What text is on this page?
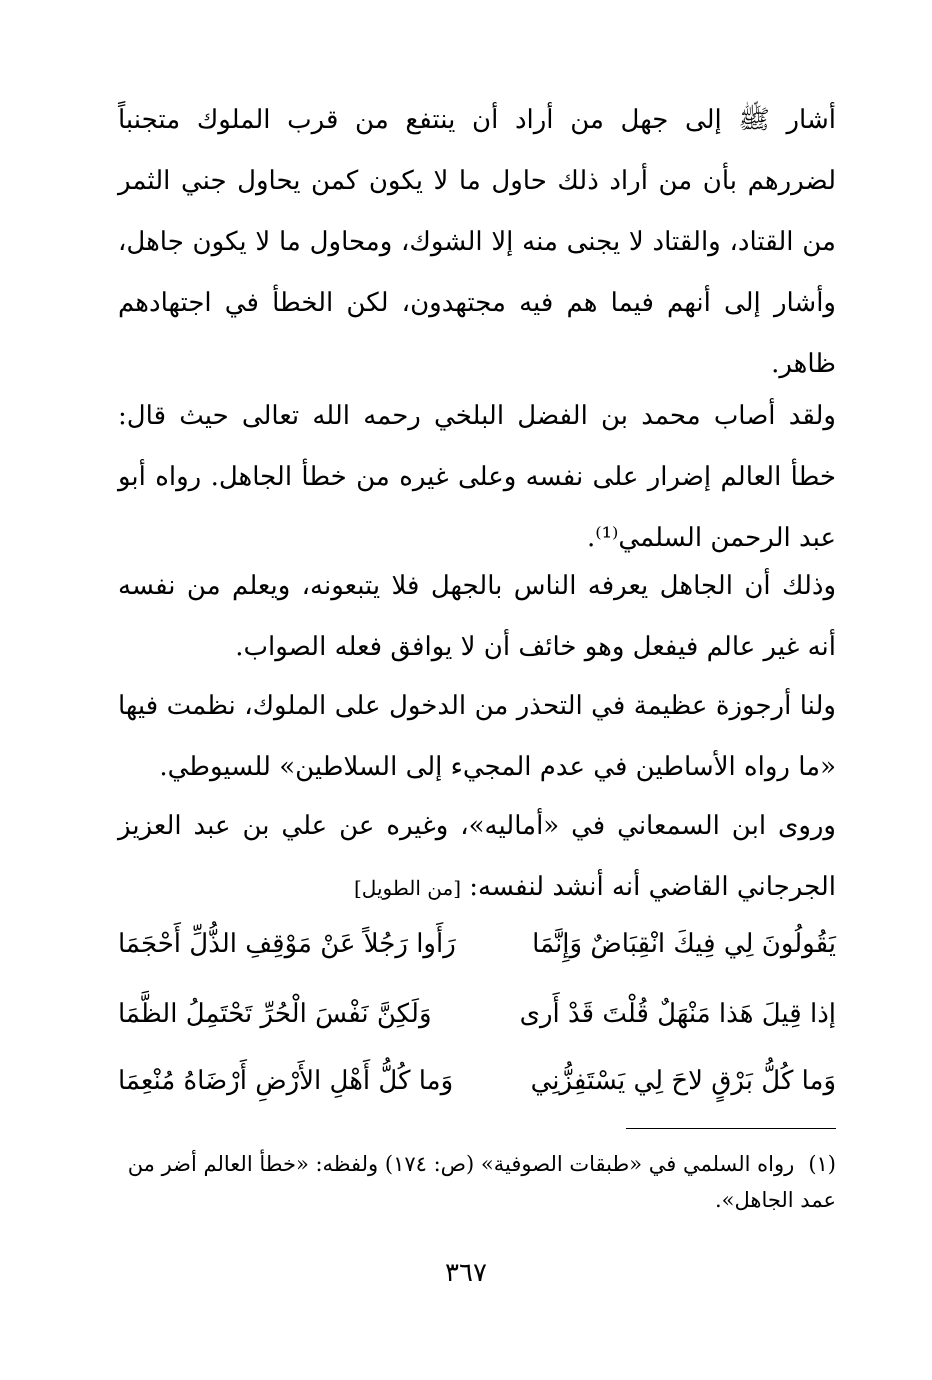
أشار ﷺ إلى جهل من أراد أن ينتفع من قرب الملوك متجنباً لضررهم بأن من أراد ذلك حاول ما لا يكون كمن يحاول جني الثمر من القتاد، والقتاد لا يجنى منه إلا الشوك، ومحاول ما لا يكون جاهل، وأشار إلى أنهم فيما هم فيه مجتهدون، لكن الخطأ في اجتهادهم ظاهر.

ولقد أصاب محمد بن الفضل البلخي رحمه الله تعالى حيث قال: خطأ العالم إضرار على نفسه وعلى غيره من خطأ الجاهل. رواه أبو عبد الرحمن السلمي⁽¹⁾.

وذلك أن الجاهل يعرفه الناس بالجهل فلا يتبعونه، ويعلم من نفسه أنه غير عالم فيفعل وهو خائف أن لا يوافق فعله الصواب.

ولنا أرجوزة عظيمة في التحذر من الدخول على الملوك، نظمت فيها «ما رواه الأساطين في عدم المجيء إلى السلاطين» للسيوطي.

وروى ابن السمعاني في «أماليه»، وغيره عن علي بن عبد العزيز الجرجاني القاضي أنه أنشد لنفسه: [من الطويل]

يَقُولُونَ لِي فِيكَ انْقِبَاضٌ وَإِنَّمَا
رَأَوا رَجُلاً عَنْ مَوْقِفِ الذُّلِّ أَحْجَمَا
إذا قِيلَ هَذا مَنْهَلٌ قُلْتَ قَدْ أَرى
وَلَكِنَّ نَفْسَ الْحُرِّ تَحْتَمِلُ الظَّمَا
وَما كُلُّ بَرْقٍ لاحَ لِي يَسْتَفِزُّنِي
وَما كُلُّ أَهْلِ الأَرْضِ أَرْضَاهُ مُنْعِمَا
(١)رواه السلمي في «طبقات الصوفية» (ص: ١٧٤) ولفظه: «خطأ العالم أضر من عمد الجاهل».
٣٦٧
